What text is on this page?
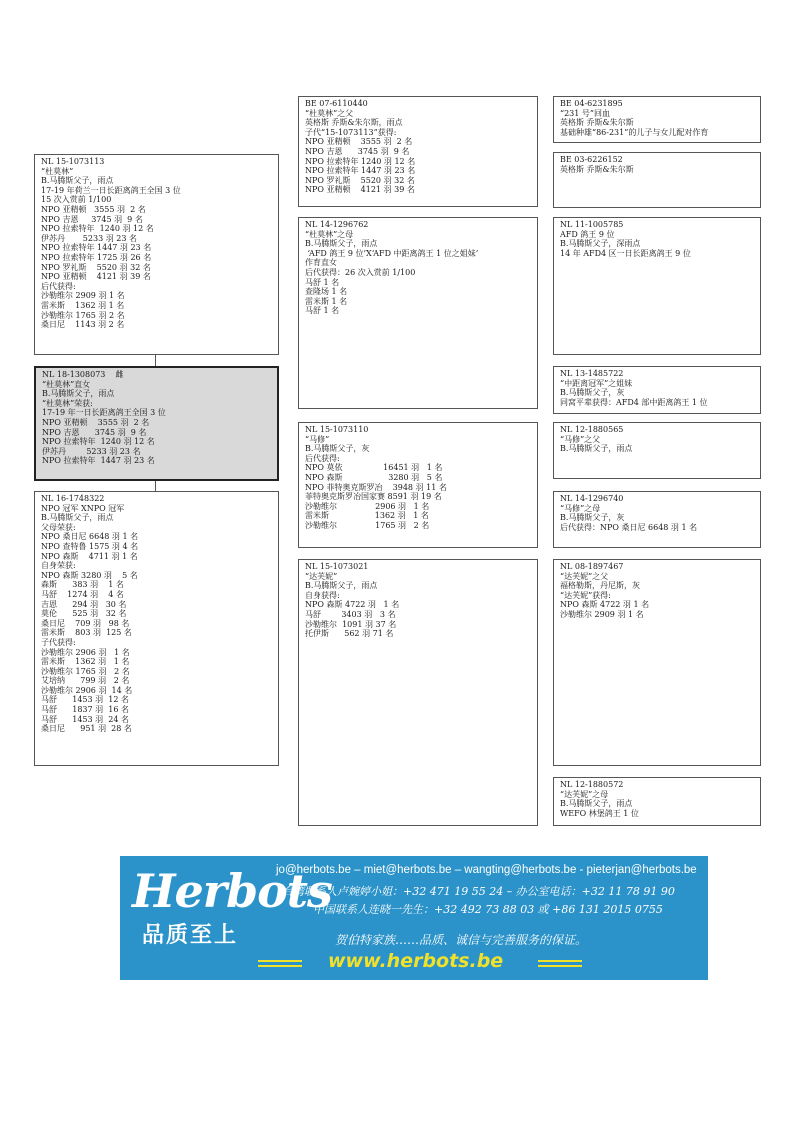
NL 15-1073113
“杜莫林”
B.马腾斯父子，雨点
17-19 年荷兰一日长距离鸽王全国 3 位
15 次入赏前 1/100
NPO 亚精顿   3555 羽  2 名
NPO 吉恩     3745 羽  9 名
NPO 拉索特年  1240 羽 12 名
伊苏丹       5233 羽 23 名
NPO 拉索特年 1447 羽 23 名
NPO 拉索特年 1725 羽 26 名
NPO 罗礼斯    5520 羽 32 名
NPO 亚精顿    4121 羽 39 名
后代获得:
沙勒维尔 2909 羽 1 名
雷米斯    1362 羽 1 名
沙勒维尔 1765 羽 2 名
桑日尼    1143 羽 2 名
NL 18-1308073    雌
“杜莫林”直女
B.马腾斯父子，雨点
“杜莫林”荣获:
17-19 年一日长距离鸽王全国 3 位
NPO 亚精顿    3555 羽  2 名
NPO 吉恩      3745 羽  9 名
NPO 拉索特年  1240 羽 12 名
伊苏丹        5233 羽 23 名
NPO 拉索特年  1447 羽 23 名
NL 16-1748322
NPO 冠军 XNPO 冠军
B.马腾斯父子，雨点
父母荣获:
NPO 桑日尼 6648 羽 1 名
NPO 查特鲁 1575 羽 4 名
NPO 森斯    4711 羽 1 名
自身荣获:
NPO 森斯 3280 羽    5 名
森斯      383 羽    1 名
马舒    1274 羽    4 名
吉恩      294 羽   30 名
莫伦      525 羽   32 名
桑日尼    709 羽   98 名
雷米斯    803 羽  125 名
子代获得:
沙勒维尔 2906 羽   1 名
雷米斯    1362 羽   1 名
沙勒维尔 1765 羽   2 名
艾培纳      799 羽   2 名
沙勒维尔 2906 羽  14 名
马舒      1453 羽  12 名
马舒      1837 羽  16 名
马舒      1453 羽  24 名
桑日尼      951 羽  28 名
BE 07-6110440
“杜莫林”之父
英格斯 乔斯&朱尔斯，雨点
子代“15-1073113”获得:
NPO 亚精顿    3555 羽  2 名
NPO 吉恩      3745 羽  9 名
NPO 拉索特年 1240 羽 12 名
NPO 拉索特年 1447 羽 23 名
NPO 罗礼斯    5520 羽 32 名
NPO 亚精顿    4121 羽 39 名
NL 14-1296762
“杜莫林”之母
B.马腾斯父子，雨点
‘AFD 鸽王 9 位’X‘AFD 中距离鸽王 1 位之姐妹’
作育直女
后代获得：26 次入赏前 1/100
马舒 1 名
查隆场 1 名
雷米斯 1 名
马舒 1 名
NL 15-1073110
“马修”
B.马腾斯父子，灰
后代获得:
NPO 莫依                16451 羽   1 名
NPO 森斯                  3280 羽   5 名
NPO 菲特奥克斯罗冶    3948 羽 11 名
菲特奥克斯罗冶国家赛 8591 羽 19 名
沙勒维尔               2906 羽   1 名
雷米斯                  1362 羽   1 名
沙勒维尔               1765 羽   2 名
NL 15-1073021
“达芙妮”
B.马腾斯父子，雨点
自身获得:
NPO 森斯 4722 羽   1 名
马舒        3403 羽   3 名
沙勒维尔  1091 羽 37 名
托伊斯      562 羽 71 名
BE 04-6231895
“231 号”回血
英格斯 乔斯&朱尔斯
基础种雄“86-231”的儿子与女儿配对作育
BE 03-6226152
英格斯 乔斯&朱尔斯
NL 11-1005785
AFD 鸽王 9 位
B.马腾斯父子，深雨点
14 年 AFD4 区一日长距离鸽王 9 位
NL 13-1485722
“中距离冠军”之姐妹
B.马腾斯父子，灰
同窝平辈获得：AFD4 部中距离鸽王 1 位
NL 12-1880565
“马修”之父
B.马腾斯父子，雨点
NL 14-1296740
“马修”之母
B.马腾斯父子，灰
后代获得：NPO 桑日尼 6648 羽 1 名
NL 08-1897467
“达芙妮”之父
福格勒斯，丹尼斯，灰
“达芙妮”获得:
NPO 森斯 4722 羽 1 名
沙勒维尔 2909 羽 1 名
NL 12-1880572
“达芙妮”之母
B.马腾斯父子，雨点
WEFO 林堡鸽王 1 位
Herbots
品质至上
jo@herbots.be – miet@herbots.be – wangting@herbots.be - pieterjan@herbots.be
台湾联系人卢婉婷小姐：+32 471 19 55 24 – 办公室电话：+32 11 78 91 90
中国联系人连晓一先生：+32 492 73 88 03 或 +86 131 2015 0755
贺伯特家族……品质、诚信与完善服务的保证。
www.herbots.be
